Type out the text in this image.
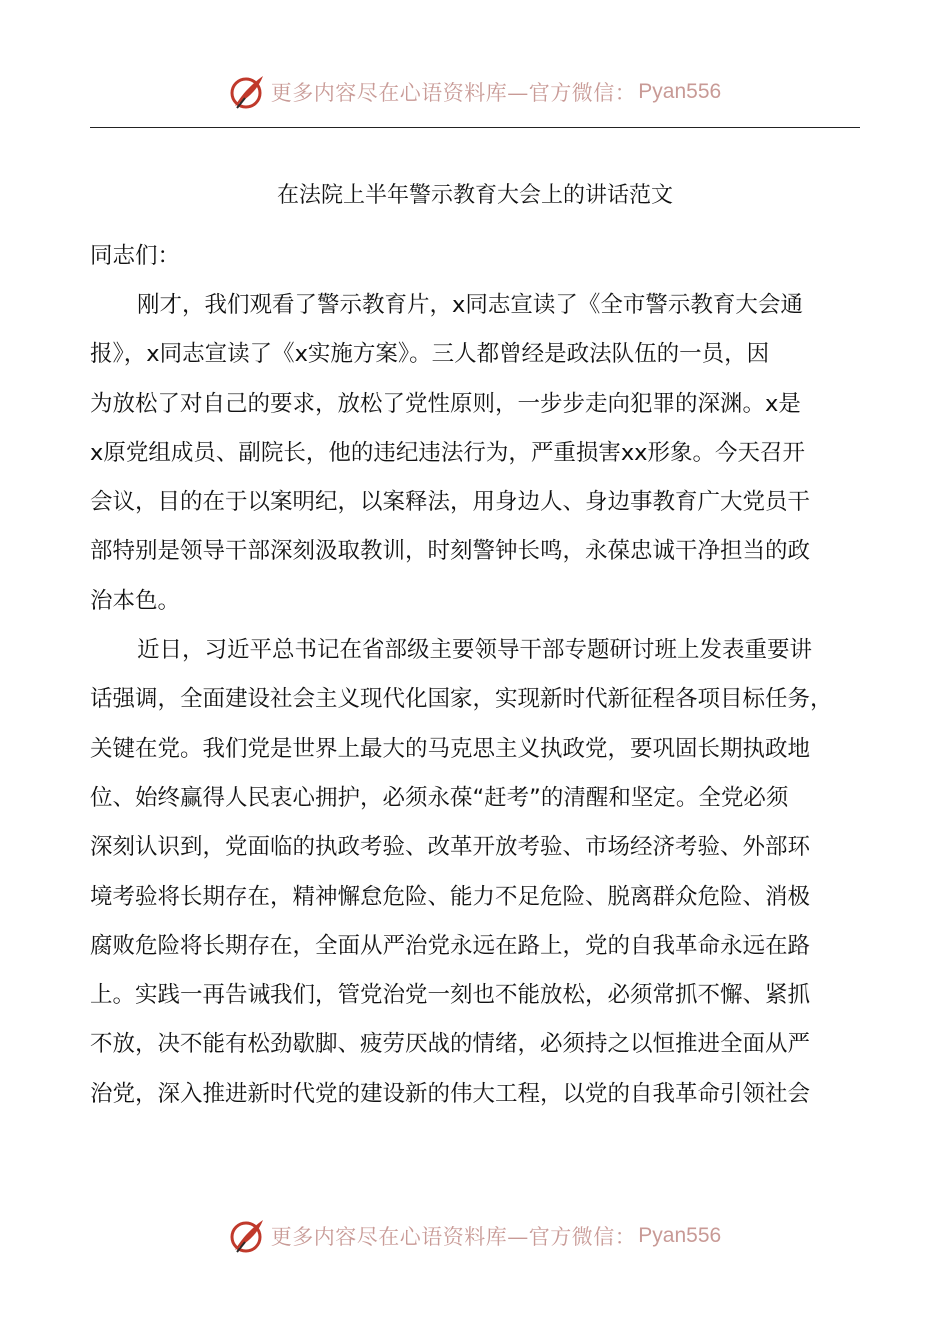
更多内容尽在心语资料库—官方微信： Pyan556
在法院上半年警示教育大会上的讲话范文
同志们：
刚才，我们观看了警示教育片，x同志宣读了《全市警示教育大会通
报》，x同志宣读了《x实施方案》。三人都曾经是政法队伍的一员，因
为放松了对自己的要求，放松了党性原则，一步步走向犯罪的深渊。x是
x原党组成员、副院长，他的违纪违法行为，严重损害xx形象。今天召开
会议，目的在于以案明纪，以案释法，用身边人、身边事教育广大党员干
部特别是领导干部深刻汲取教训，时刻警钟长鸣，永葆忠诚干净担当的政
治本色。
近日，习近平总书记在省部级主要领导干部专题研讨班上发表重要讲
话强调，全面建设社会主义现代化国家，实现新时代新征程各项目标任务，
关键在党。我们党是世界上最大的马克思主义执政党，要巩固长期执政地
位、始终赢得人民衷心拥护，必须永葆“赶考”的清醒和坚定。全党必须
深刻认识到，党面临的执政考验、改革开放考验、市场经济考验、外部环
境考验将长期存在，精神懈怠危险、能力不足危险、脱离群众危险、消极
腐败危险将长期存在，全面从严治党永远在路上，党的自我革命永远在路
上。实践一再告诫我们，管党治党一刻也不能放松，必须常抓不懈、紧抓
不放，决不能有松劲歇脚、疲劳厌战的情绪，必须持之以恒推进全面从严
治党，深入推进新时代党的建设新的伟大工程，以党的自我革命引领社会
更多内容尽在心语资料库—官方微信： Pyan556
